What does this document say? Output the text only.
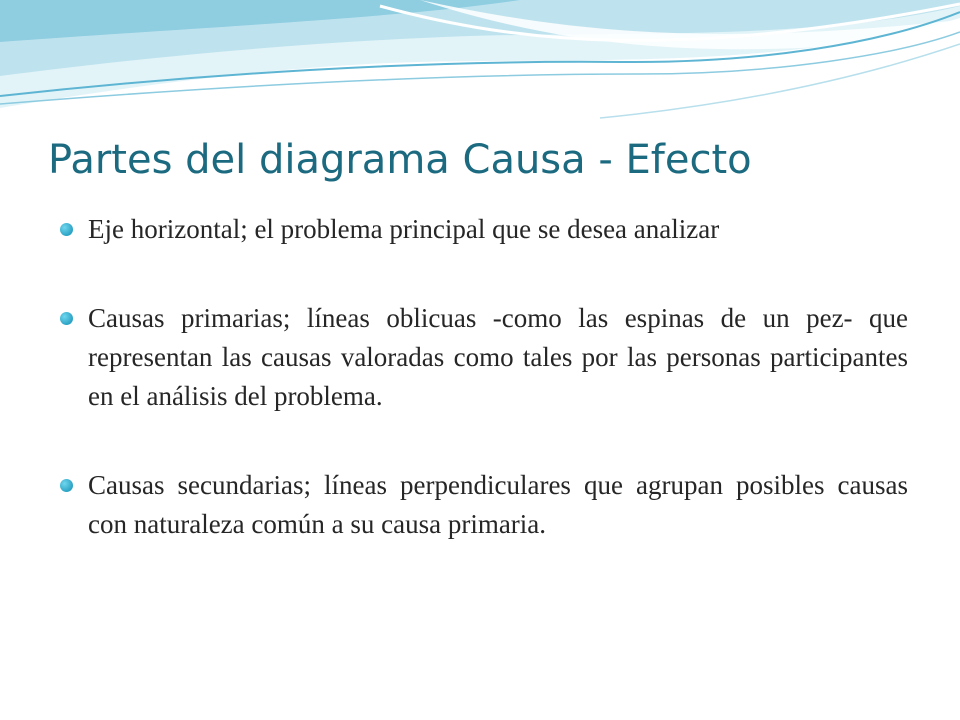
Partes del diagrama Causa - Efecto
Eje horizontal; el problema principal que se desea analizar
Causas primarias; líneas oblicuas -como las espinas de un pez- que representan las causas valoradas como tales por las personas participantes en el análisis del problema.
Causas secundarias; líneas perpendiculares que agrupan posibles causas con naturaleza común a su causa primaria.
